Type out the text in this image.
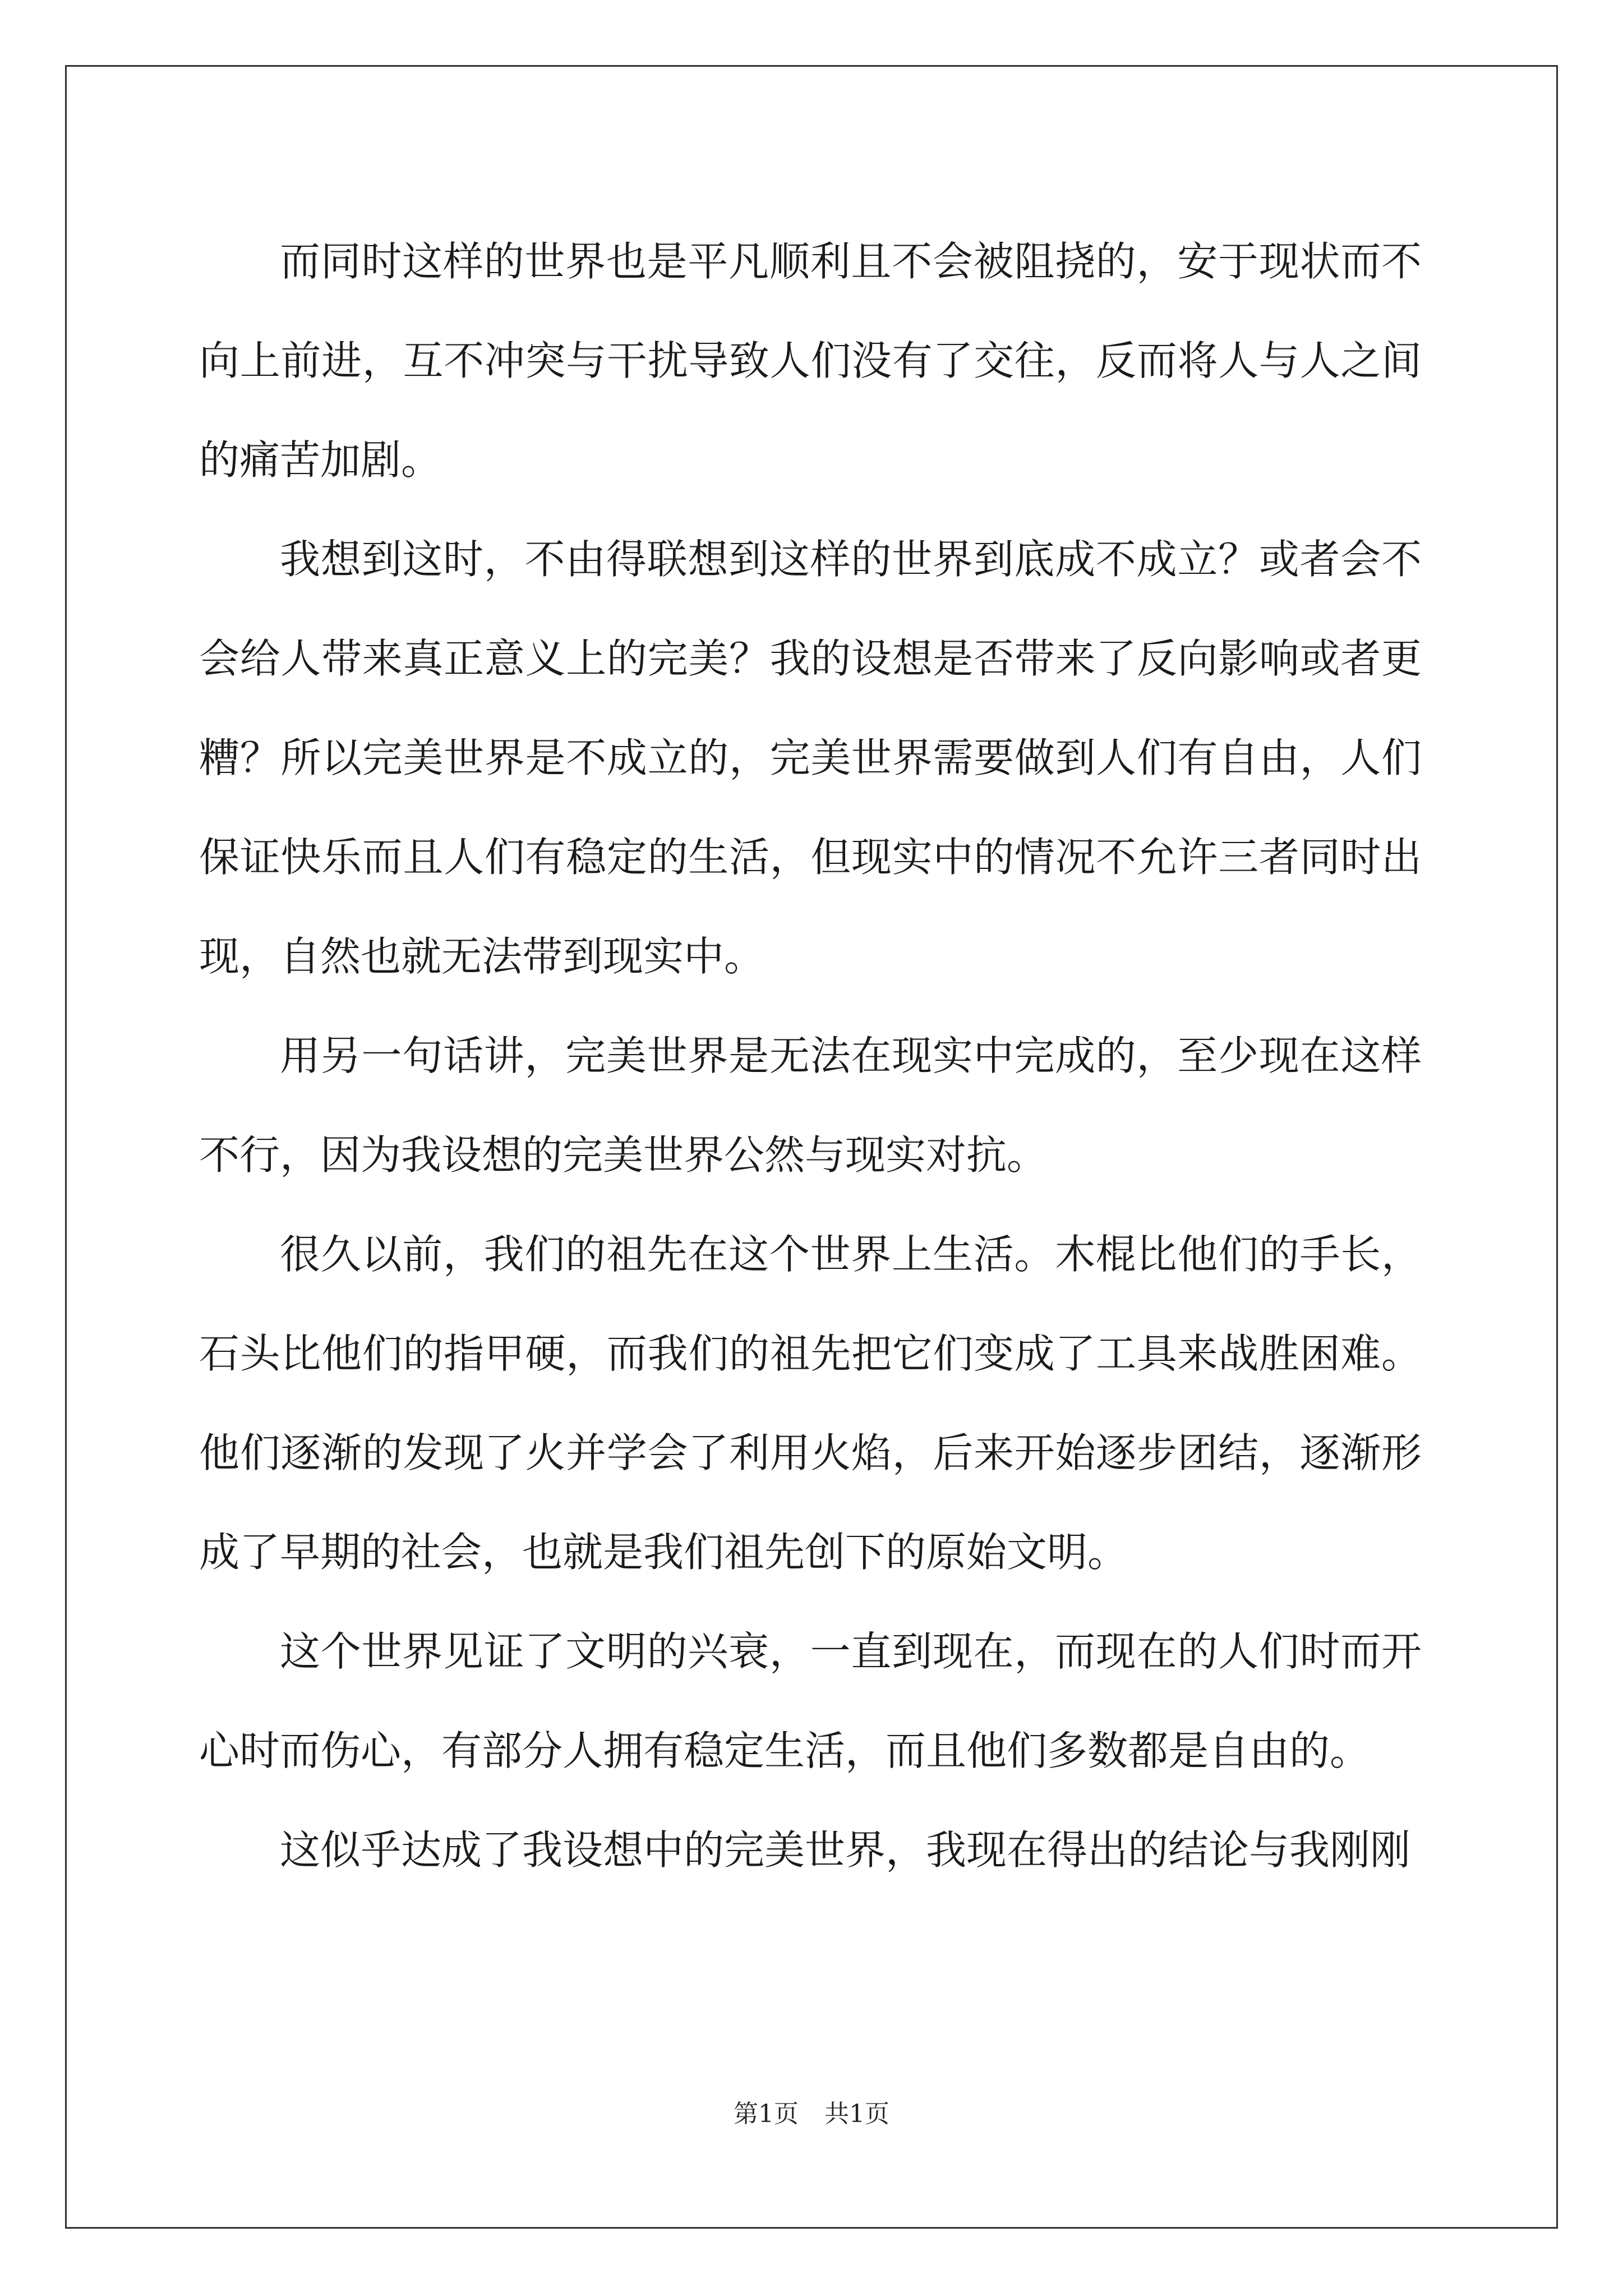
而同时这样的世界也是平凡顺利且不会被阻挠的，安于现状而不向上前进，互不冲突与干扰导致人们没有了交往，反而将人与人之间的痛苦加剧。

我想到这时，不由得联想到这样的世界到底成不成立？或者会不会给人带来真正意义上的完美？我的设想是否带来了反向影响或者更糟？所以完美世界是不成立的，完美世界需要做到人们有自由，人们保证快乐而且人们有稳定的生活，但现实中的情况不允许三者同时出现，自然也就无法带到现实中。

用另一句话讲，完美世界是无法在现实中完成的，至少现在这样不行，因为我设想的完美世界公然与现实对抗。

很久以前，我们的祖先在这个世界上生活。木棍比他们的手长，石头比他们的指甲硬，而我们的祖先把它们变成了工具来战胜困难。他们逐渐的发现了火并学会了利用火焰，后来开始逐步团结，逐渐形成了早期的社会，也就是我们祖先创下的原始文明。

这个世界见证了文明的兴衰，一直到现在，而现在的人们时而开心时而伤心，有部分人拥有稳定生活，而且他们多数都是自由的。

这似乎达成了我设想中的完美世界，我现在得出的结论与我刚刚

第1页 共1页
